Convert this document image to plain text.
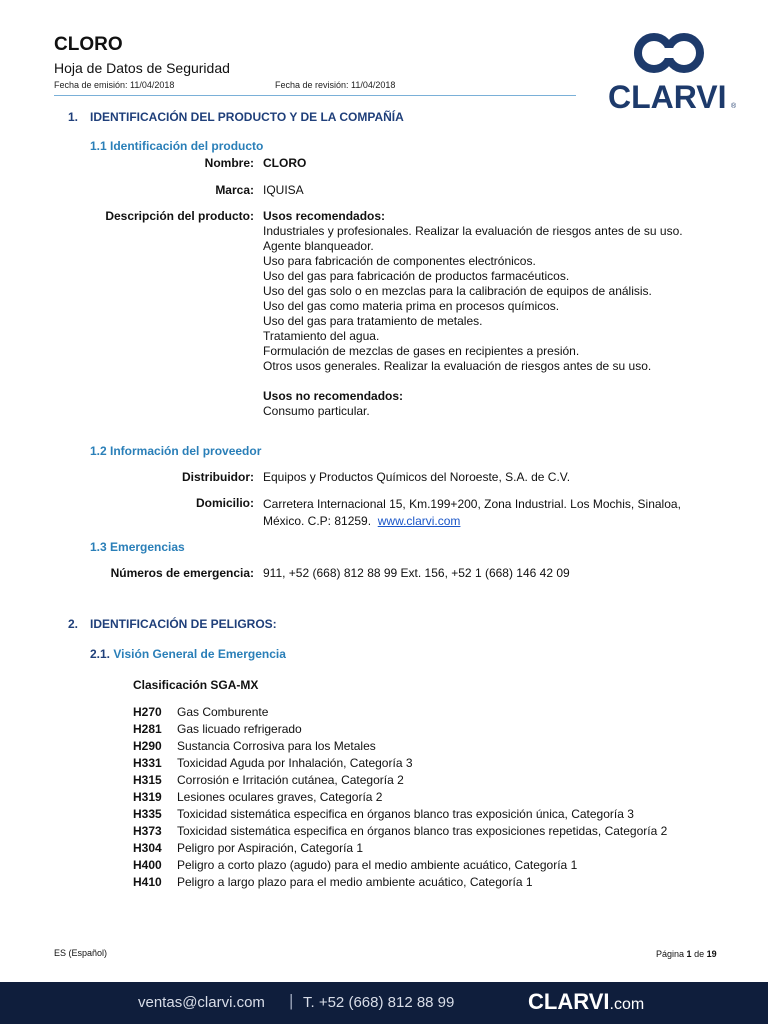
CLORO
Hoja de Datos de Seguridad
Fecha de emisión: 11/04/2018	Fecha de revisión: 11/04/2018	CLARVI ®
1. IDENTIFICACIÓN DEL PRODUCTO Y DE LA COMPAÑÍA
1.1 Identificación del producto
Nombre: CLORO
Marca: IQUISA
Descripción del producto: Usos recomendados:
Industriales y profesionales. Realizar la evaluación de riesgos antes de su uso.
Agente blanqueador.
Uso para fabricación de componentes electrónicos.
Uso del gas para fabricación de productos farmacéuticos.
Uso del gas solo o en mezclas para la calibración de equipos de análisis.
Uso del gas como materia prima en procesos químicos.
Uso del gas para tratamiento de metales.
Tratamiento del agua.
Formulación de mezclas de gases en recipientes a presión.
Otros usos generales. Realizar la evaluación de riesgos antes de su uso.
Usos no recomendados:
Consumo particular.
1.2 Información del proveedor
Distribuidor: Equipos y Productos Químicos del Noroeste, S.A. de C.V.
Domicilio: Carretera Internacional 15, Km.199+200, Zona Industrial. Los Mochis, Sinaloa,
México. C.P: 81259. www.clarvi.com
1.3 Emergencias
Números de emergencia: 911, +52 (668) 812 88 99 Ext. 156, +52 1 (668) 146 42 09
2. IDENTIFICACIÓN DE PELIGROS:
2.1. Visión General de Emergencia
Clasificación SGA-MX
H270	Gas Comburente
H281	Gas licuado refrigerado
H290	Sustancia Corrosiva para los Metales
H331	Toxicidad Aguda por Inhalación, Categoría 3
H315	Corrosión e Irritación cutánea, Categoría 2
H319	Lesiones oculares graves, Categoría 2
H335	Toxicidad sistemática especifica en órganos blanco tras exposición única, Categoría 3
H373	Toxicidad sistemática especifica en órganos blanco tras exposiciones repetidas, Categoría 2
H304	Peligro por Aspiración, Categoría 1
H400	Peligro a corto plazo (agudo) para el medio ambiente acuático, Categoría 1
H410	Peligro a largo plazo para el medio ambiente acuático, Categoría 1
ES (Español)	Página 1 de 19
ventas@clarvi.com | T. +52 (668) 812 88 99	CLARVI.com
